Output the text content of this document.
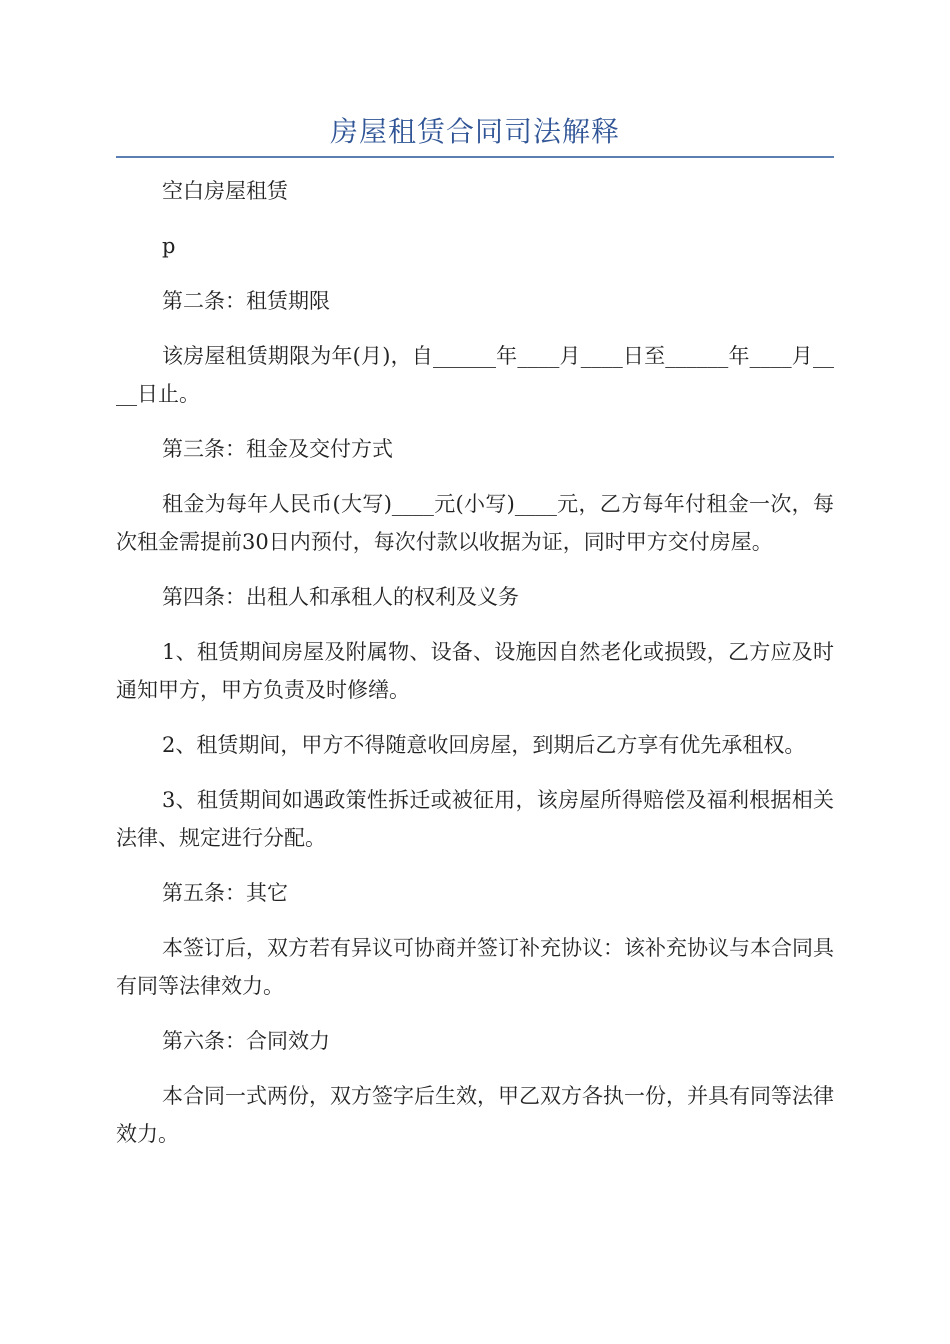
房屋租赁合同司法解释

空白房屋租赁

p

第二条：租赁期限

该房屋租赁期限为年(月)，自______年____月____日至______年____月____日止。

第三条：租金及交付方式

租金为每年人民币(大写)____元(小写)____元，乙方每年付租金一次，每次租金需提前30日内预付，每次付款以收据为证，同时甲方交付房屋。

第四条：出租人和承租人的权利及义务

1、租赁期间房屋及附属物、设备、设施因自然老化或损毁，乙方应及时通知甲方，甲方负责及时修缮。

2、租赁期间，甲方不得随意收回房屋，到期后乙方享有优先承租权。

3、租赁期间如遇政策性拆迁或被征用，该房屋所得赔偿及福利根据相关法律、规定进行分配。

第五条：其它

本签订后，双方若有异议可协商并签订补充协议：该补充协议与本合同具有同等法律效力。

第六条：合同效力

本合同一式两份，双方签字后生效，甲乙双方各执一份，并具有同等法律效力。
